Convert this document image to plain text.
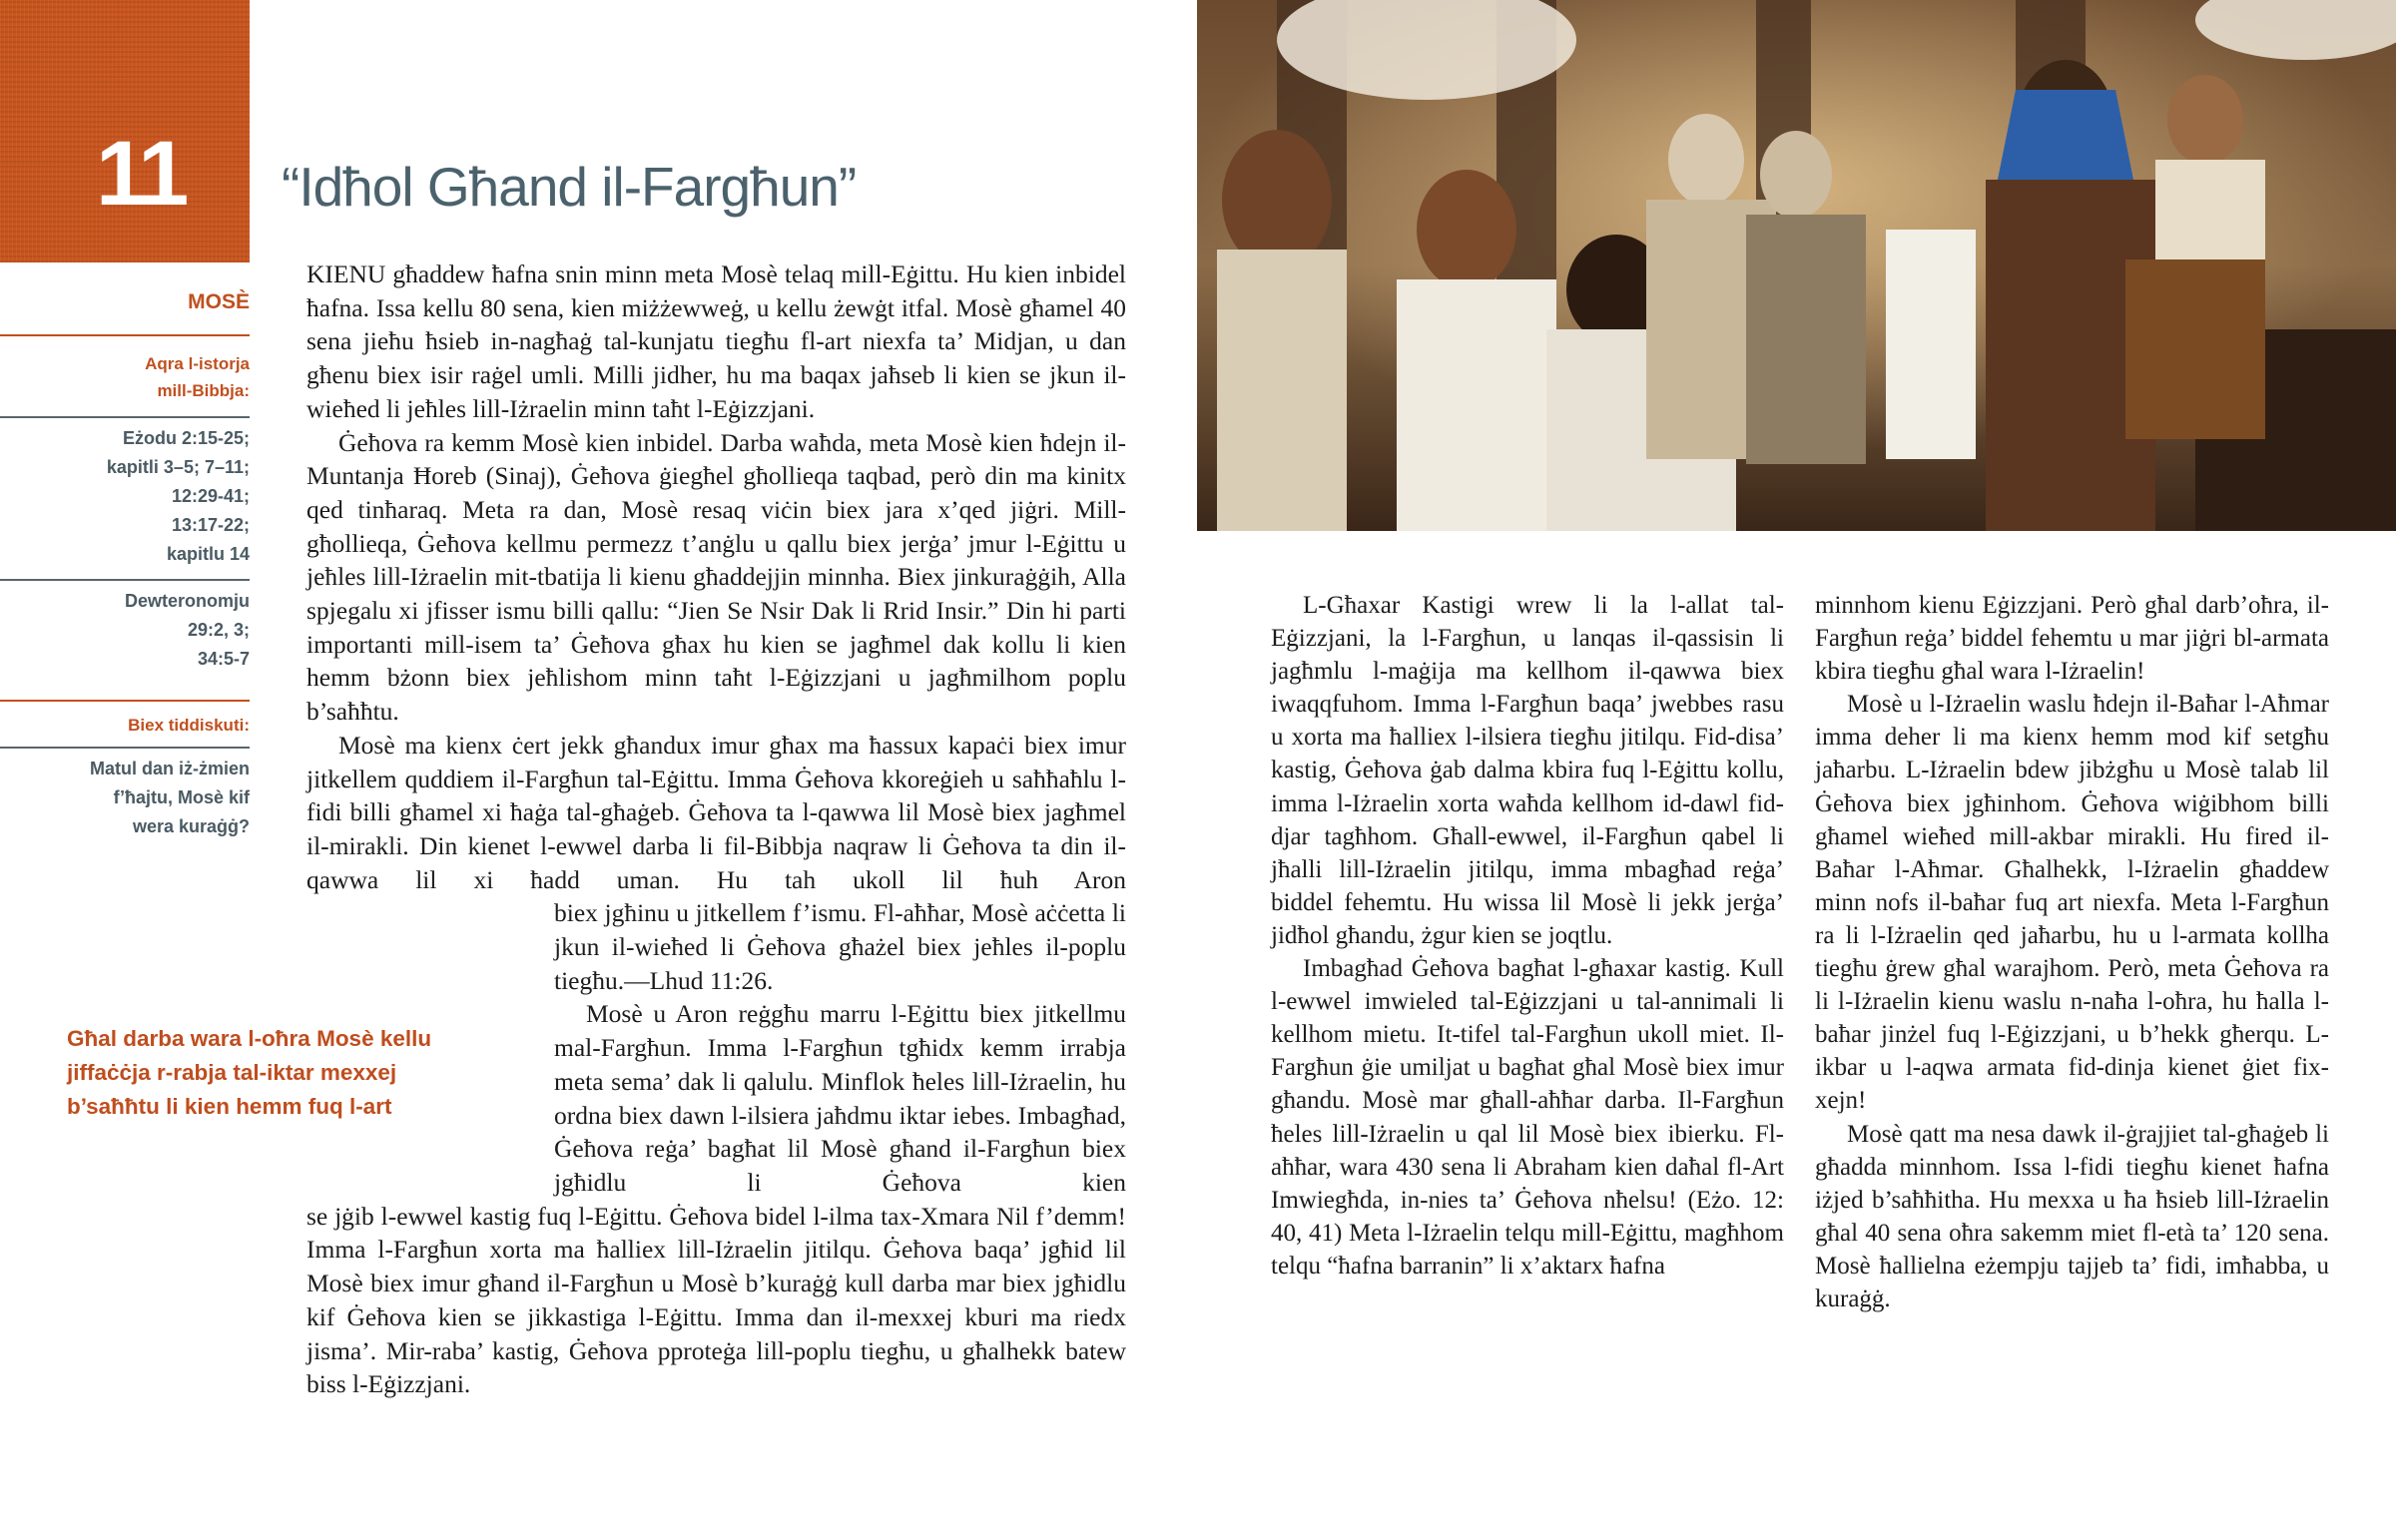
11 “Idħol Għand il-Fargħun”
MOSÈ
Aqra l-istorja mill-Bibbja:
Eżodu 2:15-25;
kapitli 3–5; 7–11;
12:29-41;
13:17-22;
kapitlu 14
Dewteronomju
29:2, 3;
34:5-7
Biex tiddiskuti:
Matul dan iż-żmien f’ħajtu, Mosè kif wera kuraġġ?
Għal darba wara l-oħra Mosè kellu jiffaċċja r-rabja tal-iktar mexxej b’saħħtu li kien hemm fuq l-art

KIENU għaddew ħafna snin minn meta Mosè telaq mill-Eġittu. Hu kien inbidel ħafna. Issa kellu 80 sena, kien miżżewweġ, u kellu żewġt itfal. Mosè għamel 40 sena jieħu ħsieb in-nagħaġ tal-kunjatu tiegħu fl-art niexfa ta’ Midjan, u dan għenu biex isir raġel umli. Milli jidher, hu ma baqax jaħseb li kien se jkun il-wieħed li jeħles lill-Iżraelin minn taħt l-Eġizzjani.

Ġeħova ra kemm Mosè kien inbidel. Darba waħda, meta Mosè kien ħdejn il-Muntanja Ħoreb (Sinaj), Ġeħova ġiegħel għollieqa taqbad, però din ma kinitx qed tinħaraq. Meta ra dan, Mosè resaq viċin biex jara x’qed jiġri. Mill-għollieqa, Ġeħova kellmu permezz t’anġlu u qallu biex jerġa’ jmur l-Eġittu u jeħles lill-Iżraelin mit-tbatija li kienu għaddejjin minnha. Biex jinkuraġġih, Alla spjegalu xi jfisser ismu billi qallu: “Jien Se Nsir Dak li Rrid Insir.” Din hi parti importanti mill-isem ta’ Ġeħova għax hu kien se jagħmel dak kollu li kien hemm bżonn biex jeħlishom minn taħt l-Eġizzjani u jagħmilhom poplu b’saħħtu.

Mosè ma kienx ċert jekk għandux imur għax ma ħassux kapaċi biex imur jitkellem quddiem il-Fargħun tal-Eġittu. Imma Ġeħova kkoreġieh u saħħaħlu l-fidi billi għamel xi ħaġa tal-għaġeb. Ġeħova ta l-qawwa lil Mosè biex jagħmel il-mirakli. Din kienet l-ewwel darba li fil-Bibbja naqraw li Ġeħova ta din il-qawwa lil xi ħadd uman. Hu tah ukoll lil ħuh Aron

biex jgħinu u jitkellem f’ismu. Fl-aħħar, Mosè aċċetta li jkun il-wieħed li Ġeħova għażel biex jeħles il-poplu tiegħu.—Lhud 11:26.

Mosè u Aron reġgħu marru l-Eġittu biex jitkellmu mal-Fargħun. Imma l-Fargħun tgħidx kemm irrabja meta sema’ dak li qalulu. Minflok ħeles lill-Iżraelin, hu ordna biex dawn l-ilsiera jaħdmu iktar iebes. Imbagħad, Ġeħova reġa’ bagħat lil Mosè għand il-Fargħun biex jgħidlu li Ġeħova kien

se jġib l-ewwel kastig fuq l-Eġittu. Ġeħova bidel l-ilma tax-Xmara Nil f’demm! Imma l-Fargħun xorta ma ħalliex lill-Iżraelin jitilqu. Ġeħova baqa’ jgħid lil Mosè biex imur għand il-Fargħun u Mosè b’kuraġġ kull darba mar biex jgħidlu kif Ġeħova kien se jikkastiga l-Eġittu. Imma dan il-mexxej kburi ma riedx jisma’. Mir-raba’ kastig, Ġeħova pproteġa lill-poplu tiegħu, u għalhekk batew biss l-Eġizzjani.

L-Għaxar Kastigi wrew li la l-allat tal-Eġizzjani, la l-Fargħun, u lanqas il-qassisin li jagħmlu l-maġija ma kellhom il-qawwa biex iwaqqfuhom. Imma l-Fargħun baqa’ jwebbes rasu u xorta ma ħalliex l-ilsiera tiegħu jitilqu. Fid-disa’ kastig, Ġeħova ġab dalma kbira fuq l-Eġittu kollu, imma l-Iżraelin xorta waħda kellhom id-dawl fid-djar tagħhom. Għall-ewwel, il-Fargħun qabel li jħalli lill-Iżraelin jitilqu, imma mbagħad reġa’ biddel fehemtu. Hu wissa lil Mosè li jekk jerġa’ jidħol għandu, żgur kien se joqtlu.

Imbagħad Ġeħova bagħat l-għaxar kastig. Kull l-ewwel imwieled tal-Eġizzjani u tal-annimali li kellhom mietu. It-tifel tal-Fargħun ukoll miet. Il-Fargħun ġie umiljat u bagħat għal Mosè biex imur għandu. Mosè mar għall-aħħar darba. Il-Fargħun ħeles lill-Iżraelin u qal lil Mosè biex ibierku. Fl-aħħar, wara 430 sena li Abraham kien daħal fl-Art Imwiegħda, in-nies ta’ Ġeħova nħelsu! (Eżo. 12: 40, 41) Meta l-Iżraelin telqu mill-Eġittu, magħhom telqu “ħafna barranin” li x’aktarx ħafna

minnhom kienu Eġizzjani. Però għal darb’oħra, il-Fargħun reġa’ biddel fehemtu u mar jiġri bl-armata kbira tiegħu għal wara l-Iżraelin!

Mosè u l-Iżraelin waslu ħdejn il-Baħar l-Aħmar imma deher li ma kienx hemm mod kif setgħu jaħarbu. L-Iżraelin bdew jibżgħu u Mosè talab lil Ġeħova biex jgħinhom. Ġeħova wiġibhom billi għamel wieħed mill-akbar mirakli. Hu fired il-Baħar l-Aħmar. Għalhekk, l-Iżraelin għaddew minn nofs il-baħar fuq art niexfa. Meta l-Fargħun ra li l-Iżraelin qed jaħarbu, hu u l-armata kollha tiegħu ġrew għal warajhom. Però, meta Ġeħova ra li l-Iżraelin kienu waslu n-naħa l-oħra, hu ħalla l-baħar jinżel fuq l-Eġizzjani, u b’hekk għerqu. L-ikbar u l-aqwa armata fid-dinja kienet ġiet fix-xejn!

Mosè qatt ma nesa dawk il-ġrajjiet tal-għaġeb li għadda minnhom. Issa l-fidi tiegħu kienet ħafna iżjed b’saħħitha. Hu mexxa u ħa ħsieb lill-Iżraelin għal 40 sena oħra sakemm miet fl-età ta’ 120 sena. Mosè ħallielna eżempju tajjeb ta’ fidi, imħabba, u kuraġġ.
